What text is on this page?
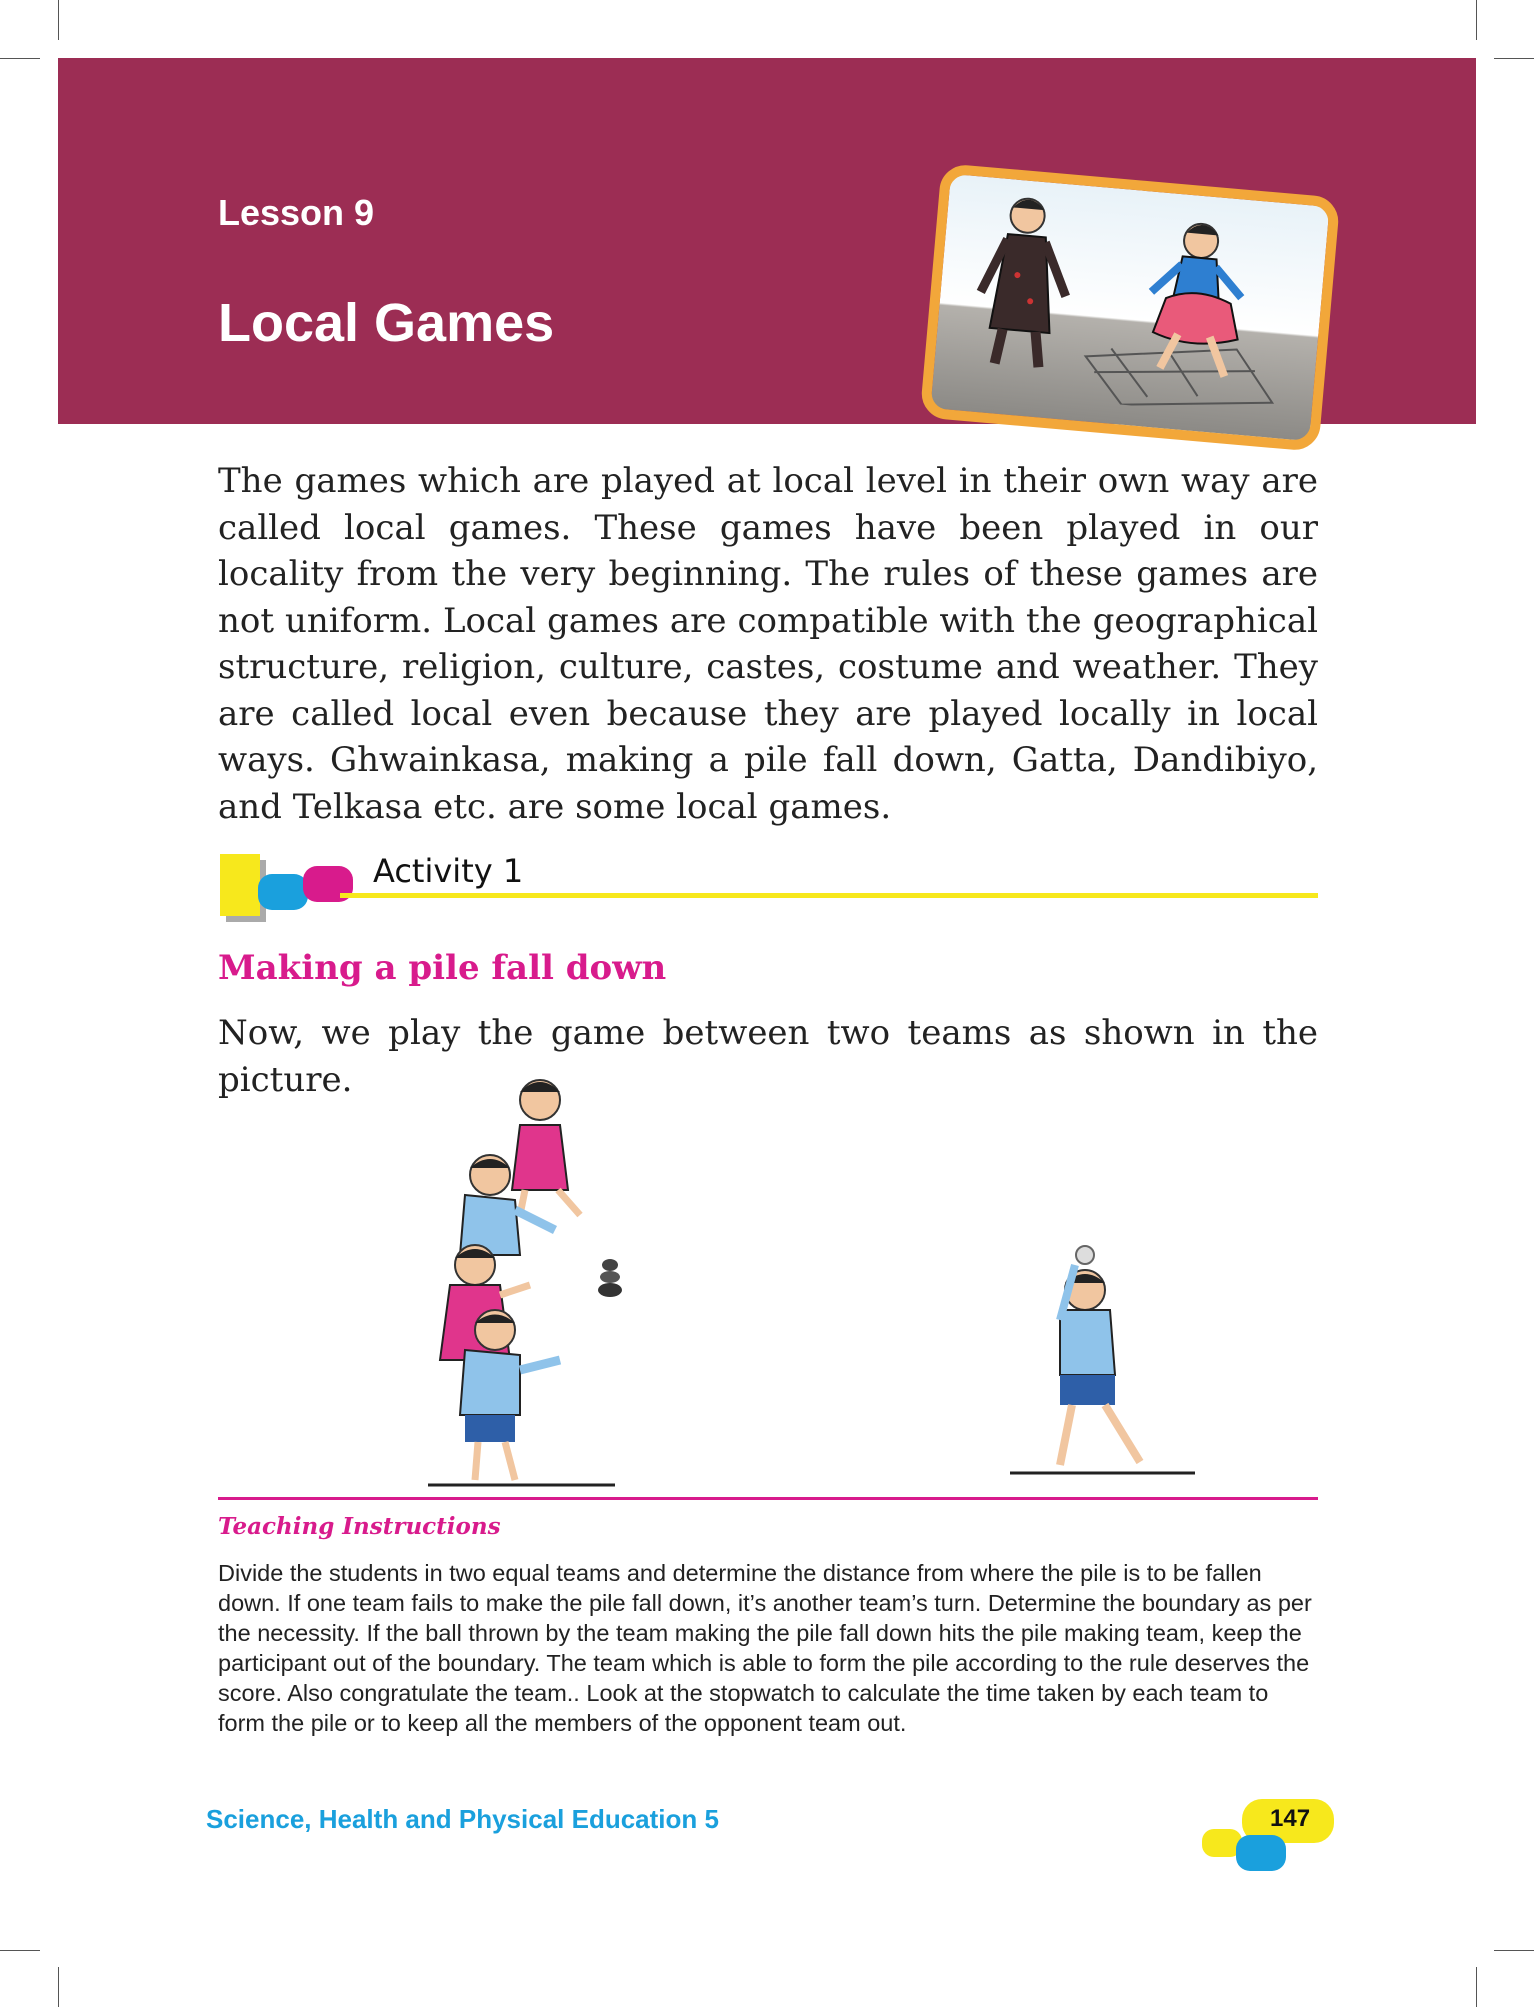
Lesson 9
Local Games
The games which are played at local level in their own way are called local games. These games have been played in our locality from the very beginning. The rules of these games are not uniform. Local games are compatible with the geographical structure, religion, culture, castes, costume and weather. They are called local even because they are played locally in local ways. Ghwainkasa, making a pile fall down, Gatta, Dandibiyo, and Telkasa etc. are some local games.
Activity 1
Making a pile fall down
Now, we play the game between two teams as shown in the picture.
Teaching Instructions
Divide the students in two equal teams and determine the distance from where the pile is to be fallen down. If one team fails to make the pile fall down, it’s another team’s turn. Determine the boundary as per the necessity. If the ball thrown by the team making the pile fall down hits the pile making team, keep the participant out of the boundary. The team which is able to form the pile according to the rule deserves the score. Also congratulate the team.. Look at the stopwatch to calculate the time taken by each team to form the pile or to keep all the members of the opponent team out.
Science, Health and Physical Education 5	147
